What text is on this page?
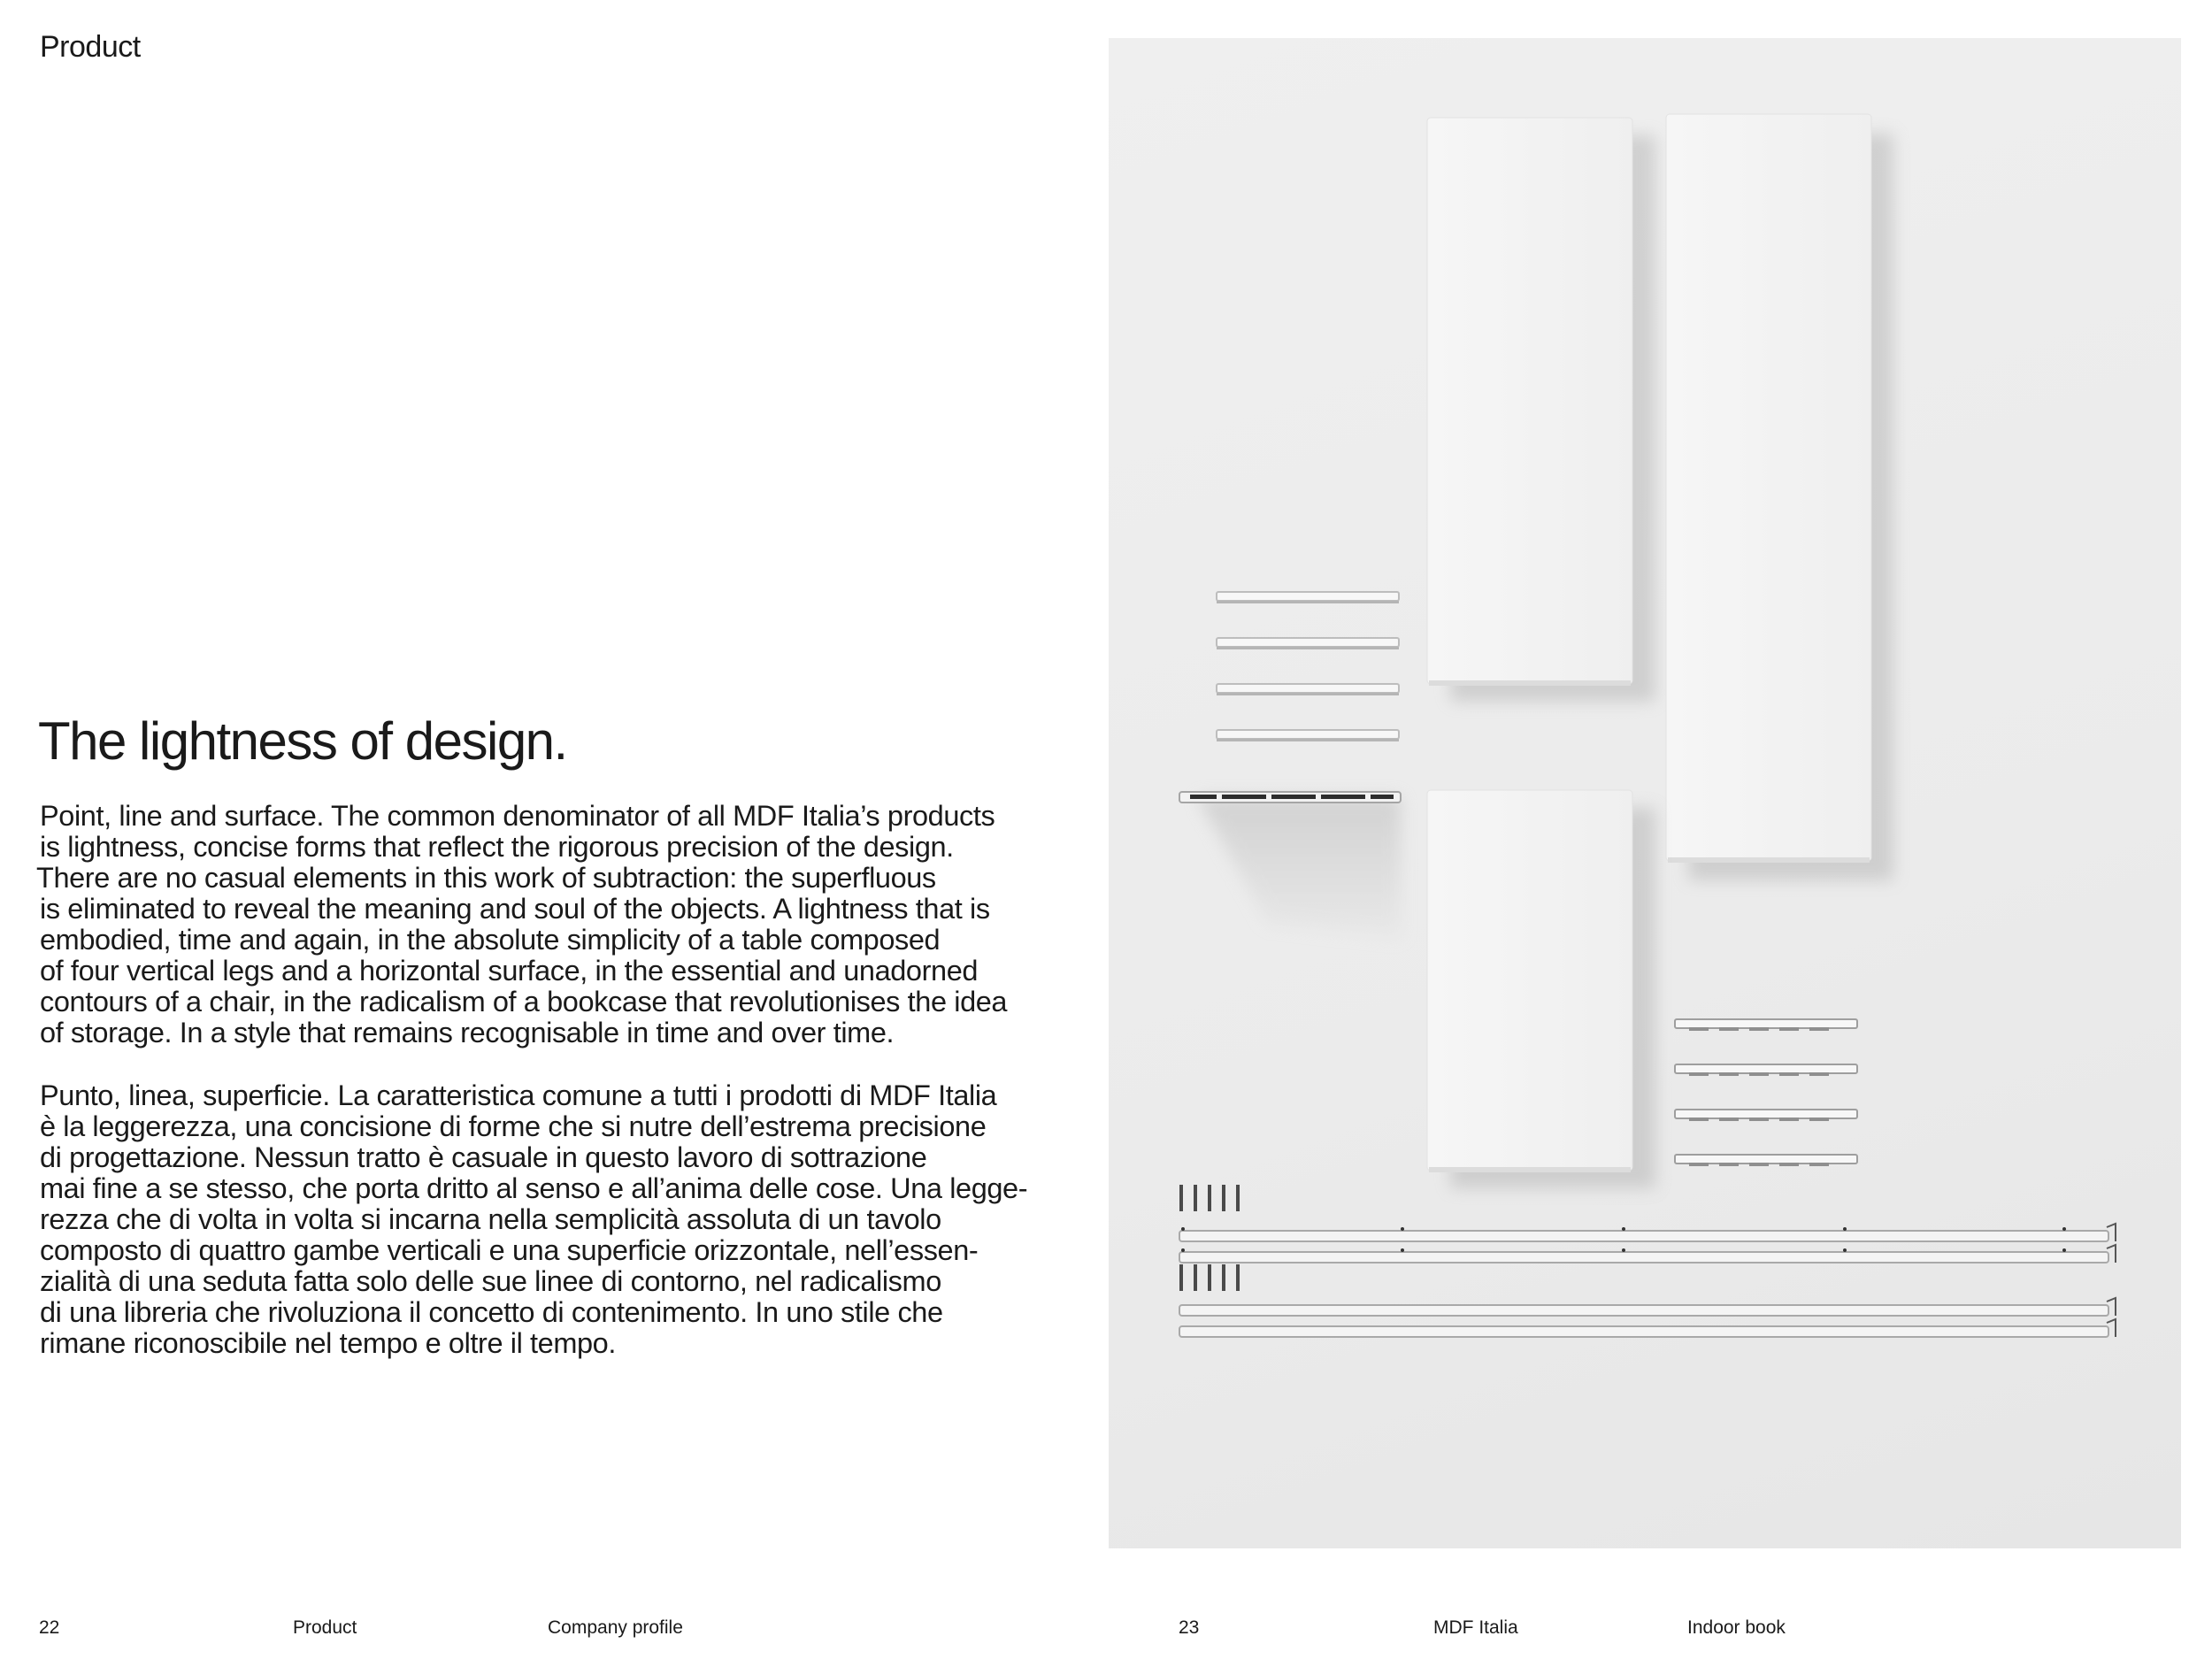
Product
The lightness of design.
Point, line and surface. The common denominator of all MDF Italia’s products
is lightness, concise forms that reflect the rigorous precision of the design.
There are no casual elements in this work of subtraction: the superfluous
is eliminated to reveal the meaning and soul of the objects. A lightness that is
embodied, time and again, in the absolute simplicity of a table composed
of four vertical legs and a horizontal surface, in the essential and unadorned
contours of a chair, in the radicalism of a bookcase that revolutionises the idea
of storage. In a style that remains recognisable in time and over time.
Punto, linea, superficie. La caratteristica comune a tutti i prodotti di MDF Italia
è la leggerezza, una concisione di forme che si nutre dell’estrema precisione
di progettazione. Nessun tratto è casuale in questo lavoro di sottrazione
mai fine a se stesso, che porta dritto al senso e all’anima delle cose. Una legge-
rezza che di volta in volta si incarna nella semplicità assoluta di un tavolo
composto di quattro gambe verticali e una superficie orizzontale, nell’essen-
zialità di una seduta fatta solo delle sue linee di contorno, nel radicalismo
di una libreria che rivoluziona il concetto di contenimento. In uno stile che
rimane riconoscibile nel tempo e oltre il tempo.
22	Product	Company profile	23	MDF Italia	Indoor book
